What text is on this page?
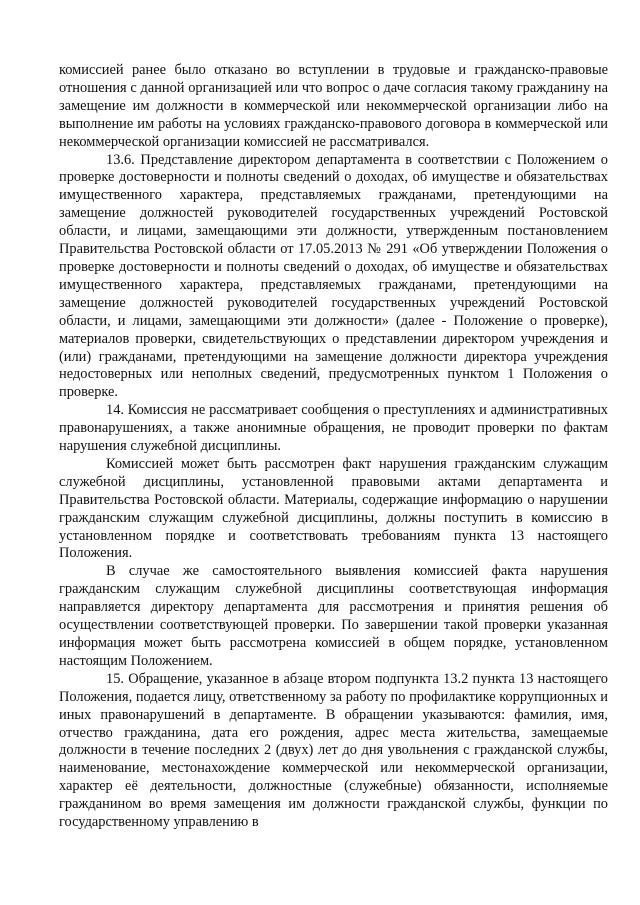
комиссией ранее было отказано во вступлении в трудовые и гражданско-правовые отношения с данной организацией или что вопрос о даче согласия такому гражданину на замещение им должности в коммерческой или некоммерческой организации либо на выполнение им работы на условиях гражданско-правового договора в коммерческой или некоммерческой организации комиссией не рассматривался.

13.6. Представление директором департамента в соответствии с Положением о проверке достоверности и полноты сведений о доходах, об имуществе и обязательствах имущественного характера, представляемых гражданами, претендующими на замещение должностей руководителей государственных учреждений Ростовской области, и лицами, замещающими эти должности, утвержденным постановлением Правительства Ростовской области от 17.05.2013 № 291 «Об утверждении Положения о проверке достоверности и полноты сведений о доходах, об имуществе и обязательствах имущественного характера, представляемых гражданами, претендующими на замещение должностей руководителей государственных учреждений Ростовской области, и лицами, замещающими эти должности» (далее - Положение о проверке), материалов проверки, свидетельствующих о представлении директором учреждения и (или) гражданами, претендующими на замещение должности директора учреждения недостоверных или неполных сведений, предусмотренных пунктом 1 Положения о проверке.

14. Комиссия не рассматривает сообщения о преступлениях и административных правонарушениях, а также анонимные обращения, не проводит проверки по фактам нарушения служебной дисциплины.

Комиссией может быть рассмотрен факт нарушения гражданским служащим служебной дисциплины, установленной правовыми актами департамента и Правительства Ростовской области. Материалы, содержащие информацию о нарушении гражданским служащим служебной дисциплины, должны поступить в комиссию в установленном порядке и соответствовать требованиям пункта 13 настоящего Положения.

В случае же самостоятельного выявления комиссией факта нарушения гражданским служащим служебной дисциплины соответствующая информация направляется директору департамента для рассмотрения и принятия решения об осуществлении соответствующей проверки. По завершении такой проверки указанная информация может быть рассмотрена комиссией в общем порядке, установленном настоящим Положением.

15. Обращение, указанное в абзаце втором подпункта 13.2 пункта 13 настоящего Положения, подается лицу, ответственному за работу по профилактике коррупционных и иных правонарушений в департаменте. В обращении указываются: фамилия, имя, отчество гражданина, дата его рождения, адрес места жительства, замещаемые должности в течение последних 2 (двух) лет до дня увольнения с гражданской службы, наименование, местонахождение коммерческой или некоммерческой организации, характер её деятельности, должностные (служебные) обязанности, исполняемые гражданином во время замещения им должности гражданской службы, функции по государственному управлению в
